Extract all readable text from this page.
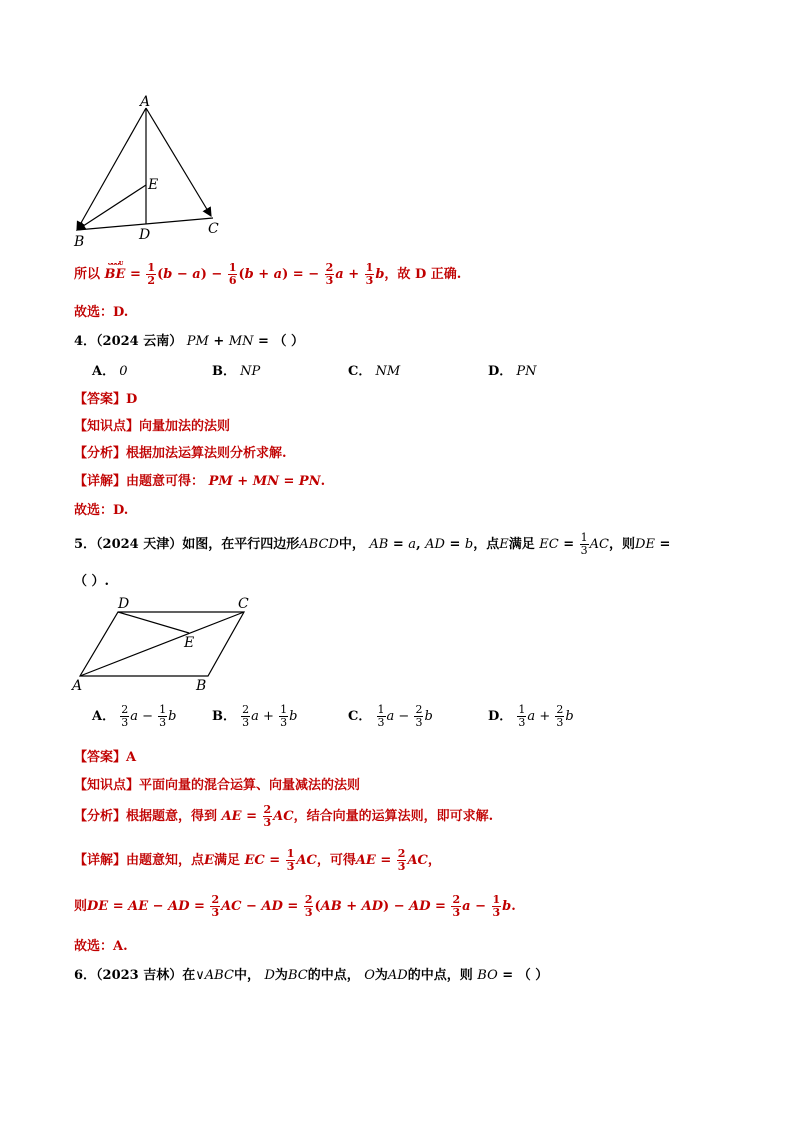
A
E
B	D	C
所以 BE
ᴗᴗᴗᴜ
= $\frac{1}{2} (b - a) - \frac{1}{6} (b + a)$ = − $\frac{2}{3}$ $a + \frac{1}{3}$ b，故 D 正确.
故选：D.
4．（2024 云南） PM + MN = （ ）
A． 0	B． NP	C． NM	D． PN
【答案】D
【知识点】向量加法的法则
【分析】根据加法运算法则分析求解.
【详解】由题意可得： PM + MN = PN.
故选：D.
5．（2024 天津）如图，在平行四边形ABCD中， AB = a, AD = b，点E满足 EC = $\frac{1}{3}$ AC，则DE =
（ ）.
D	C
E
A	B
A． $\frac{2}{3}$ $a - \frac{1}{3}$ b	B． $\frac{2}{3}$ $a + \frac{1}{3}$ b	C． $\frac{1}{3}$ $a - \frac{2}{3}$ b	D． $\frac{1}{3}$ $a + \frac{2}{3}$ b
【答案】A
【知识点】平面向量的混合运算、向量减法的法则
【分析】根据题意，得到 AE = $\frac{2}{3}$ AC，结合向量的运算法则，即可求解.
【详解】由题意知，点E满足 EC = $\frac{1}{3}$ AC，可得AE = $\frac{2}{3}$ AC，
则DE = AE − AD = $\frac{2}{3}$ AC − AD = $\frac{2}{3} (AB + AD)$ − AD = $\frac{2}{3}$ $a - \frac{1}{3} b$.
故选：A.
6．（2023 吉林）在∨ABC中， D为BC的中点， O为AD的中点，则 BO = （ ）
